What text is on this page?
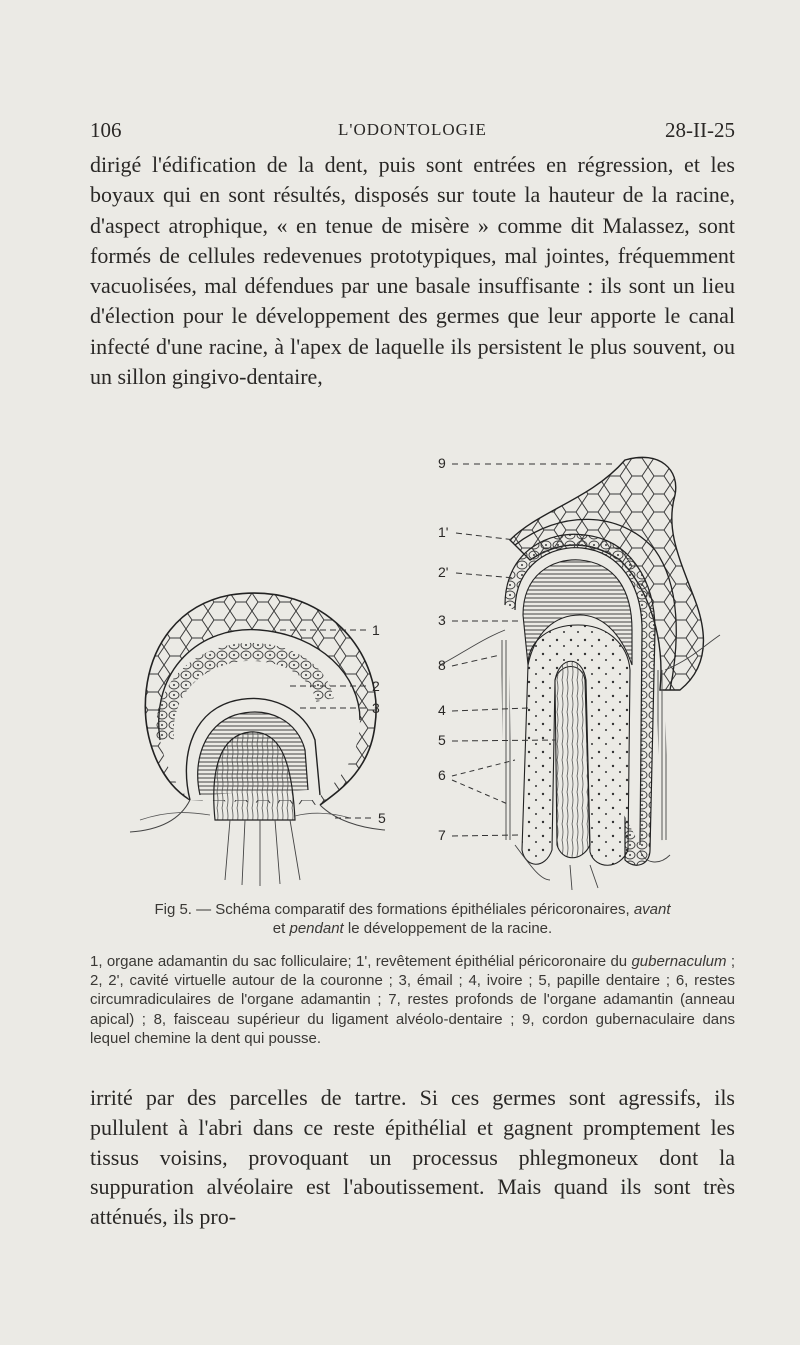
106	L'ODONTOLOGIE	28-II-25

dirigé l'édification de la dent, puis sont entrées en régression, et les boyaux qui en sont résultés, disposés sur toute la hauteur de la racine, d'aspect atrophique, « en tenue de misère » comme dit Malassez, sont formés de cellules redevenues prototypiques, mal jointes, fréquemment vacuolisées, mal défendues par une basale insuffisante : ils sont un lieu d'élection pour le développement des germes que leur apporte le canal infecté d'une racine, à l'apex de laquelle ils persistent le plus souvent, ou un sillon gingivo-dentaire,

1
2
3
5
9
1'
2'
3
8
4
5
6
7
Fig 5. — Schéma comparatif des formations épithéliales péricoronaires, avant
et pendant le développement de la racine.
1, organe adamantin du sac folliculaire; 1', revêtement épithélial péricoronaire du gubernaculum ; 2, 2', cavité virtuelle autour de la couronne ; 3, émail ; 4, ivoire ; 5, papille dentaire ; 6, restes circumradiculaires de l'organe adamantin ; 7, restes profonds de l'organe adamantin (anneau apical) ; 8, faisceau supérieur du ligament alvéolo-dentaire ; 9, cordon gubernaculaire dans lequel chemine la dent qui pousse.

irrité par des parcelles de tartre. Si ces germes sont agressifs, ils pullulent à l'abri dans ce reste épithélial et gagnent promptement les tissus voisins, provoquant un processus phlegmoneux dont la suppuration alvéolaire est l'aboutissement. Mais quand ils sont très atténués, ils pro-
